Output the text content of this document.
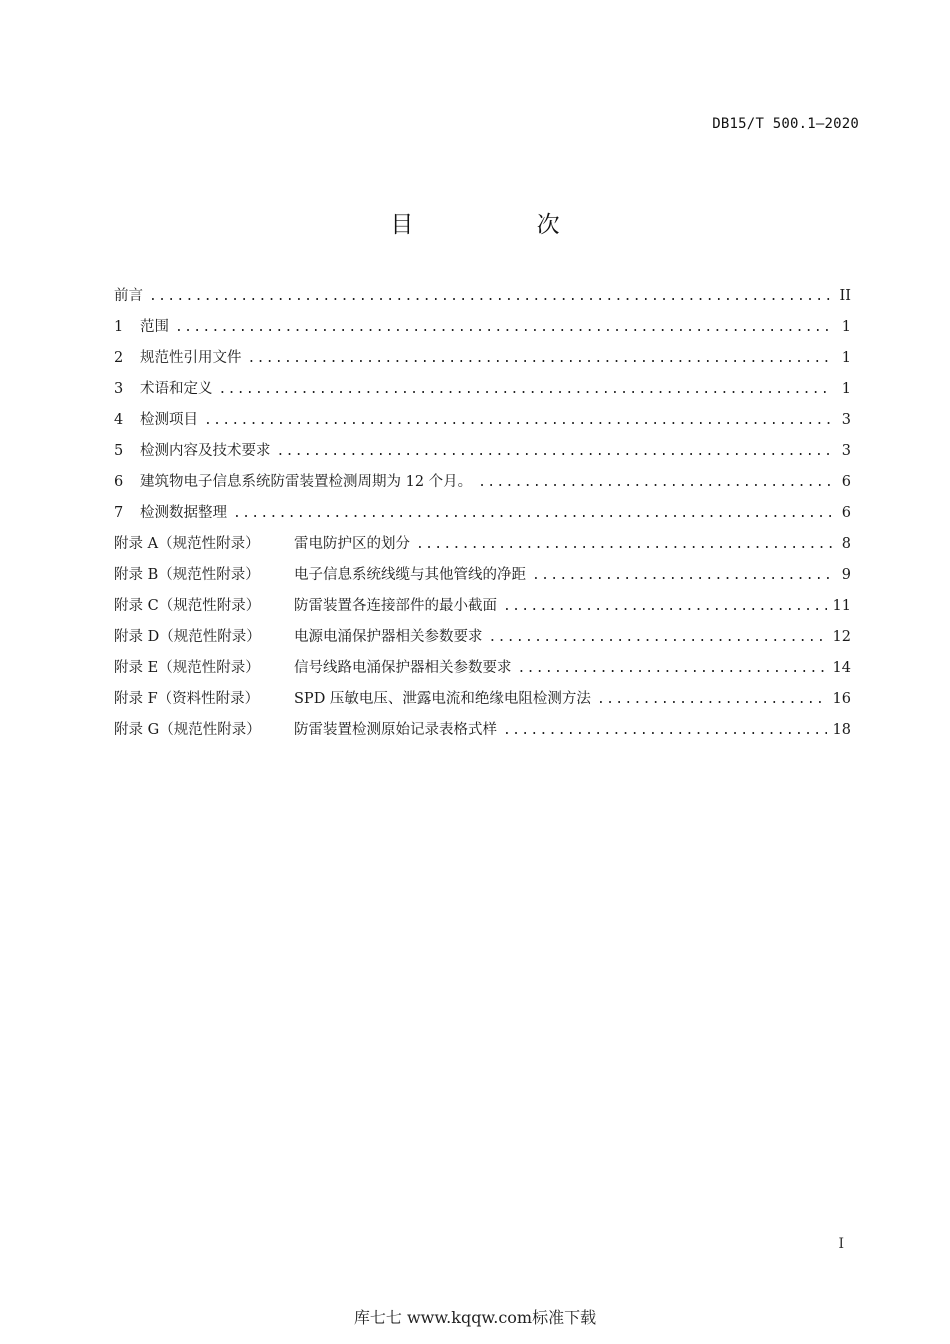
DB15/T 500.1—2020
目 次
前言 .....	II
1	范围 .....	1
2	规范性引用文件 .....	1
3	术语和定义 .....	1
4	检测项目 .....	3
5	检测内容及技术要求 .....	3
6	建筑物电子信息系统防雷装置检测周期为 12 个月。 .....	6
7	检测数据整理 .....	6
附录 A（规范性附录）	雷电防护区的划分 .....	8
附录 B（规范性附录）	电子信息系统线缆与其他管线的净距 .....	9
附录 C（规范性附录）	防雷装置各连接部件的最小截面 .....	11
附录 D（规范性附录）	电源电涌保护器相关参数要求 .....	12
附录 E（规范性附录）	信号线路电涌保护器相关参数要求 .....	14
附录 F（资料性附录）	SPD 压敏电压、泄露电流和绝缘电阻检测方法 .....	16
附录 G（规范性附录）	防雷装置检测原始记录表格式样 .....	18
I
库七七 www.kqqw.com标准下载
